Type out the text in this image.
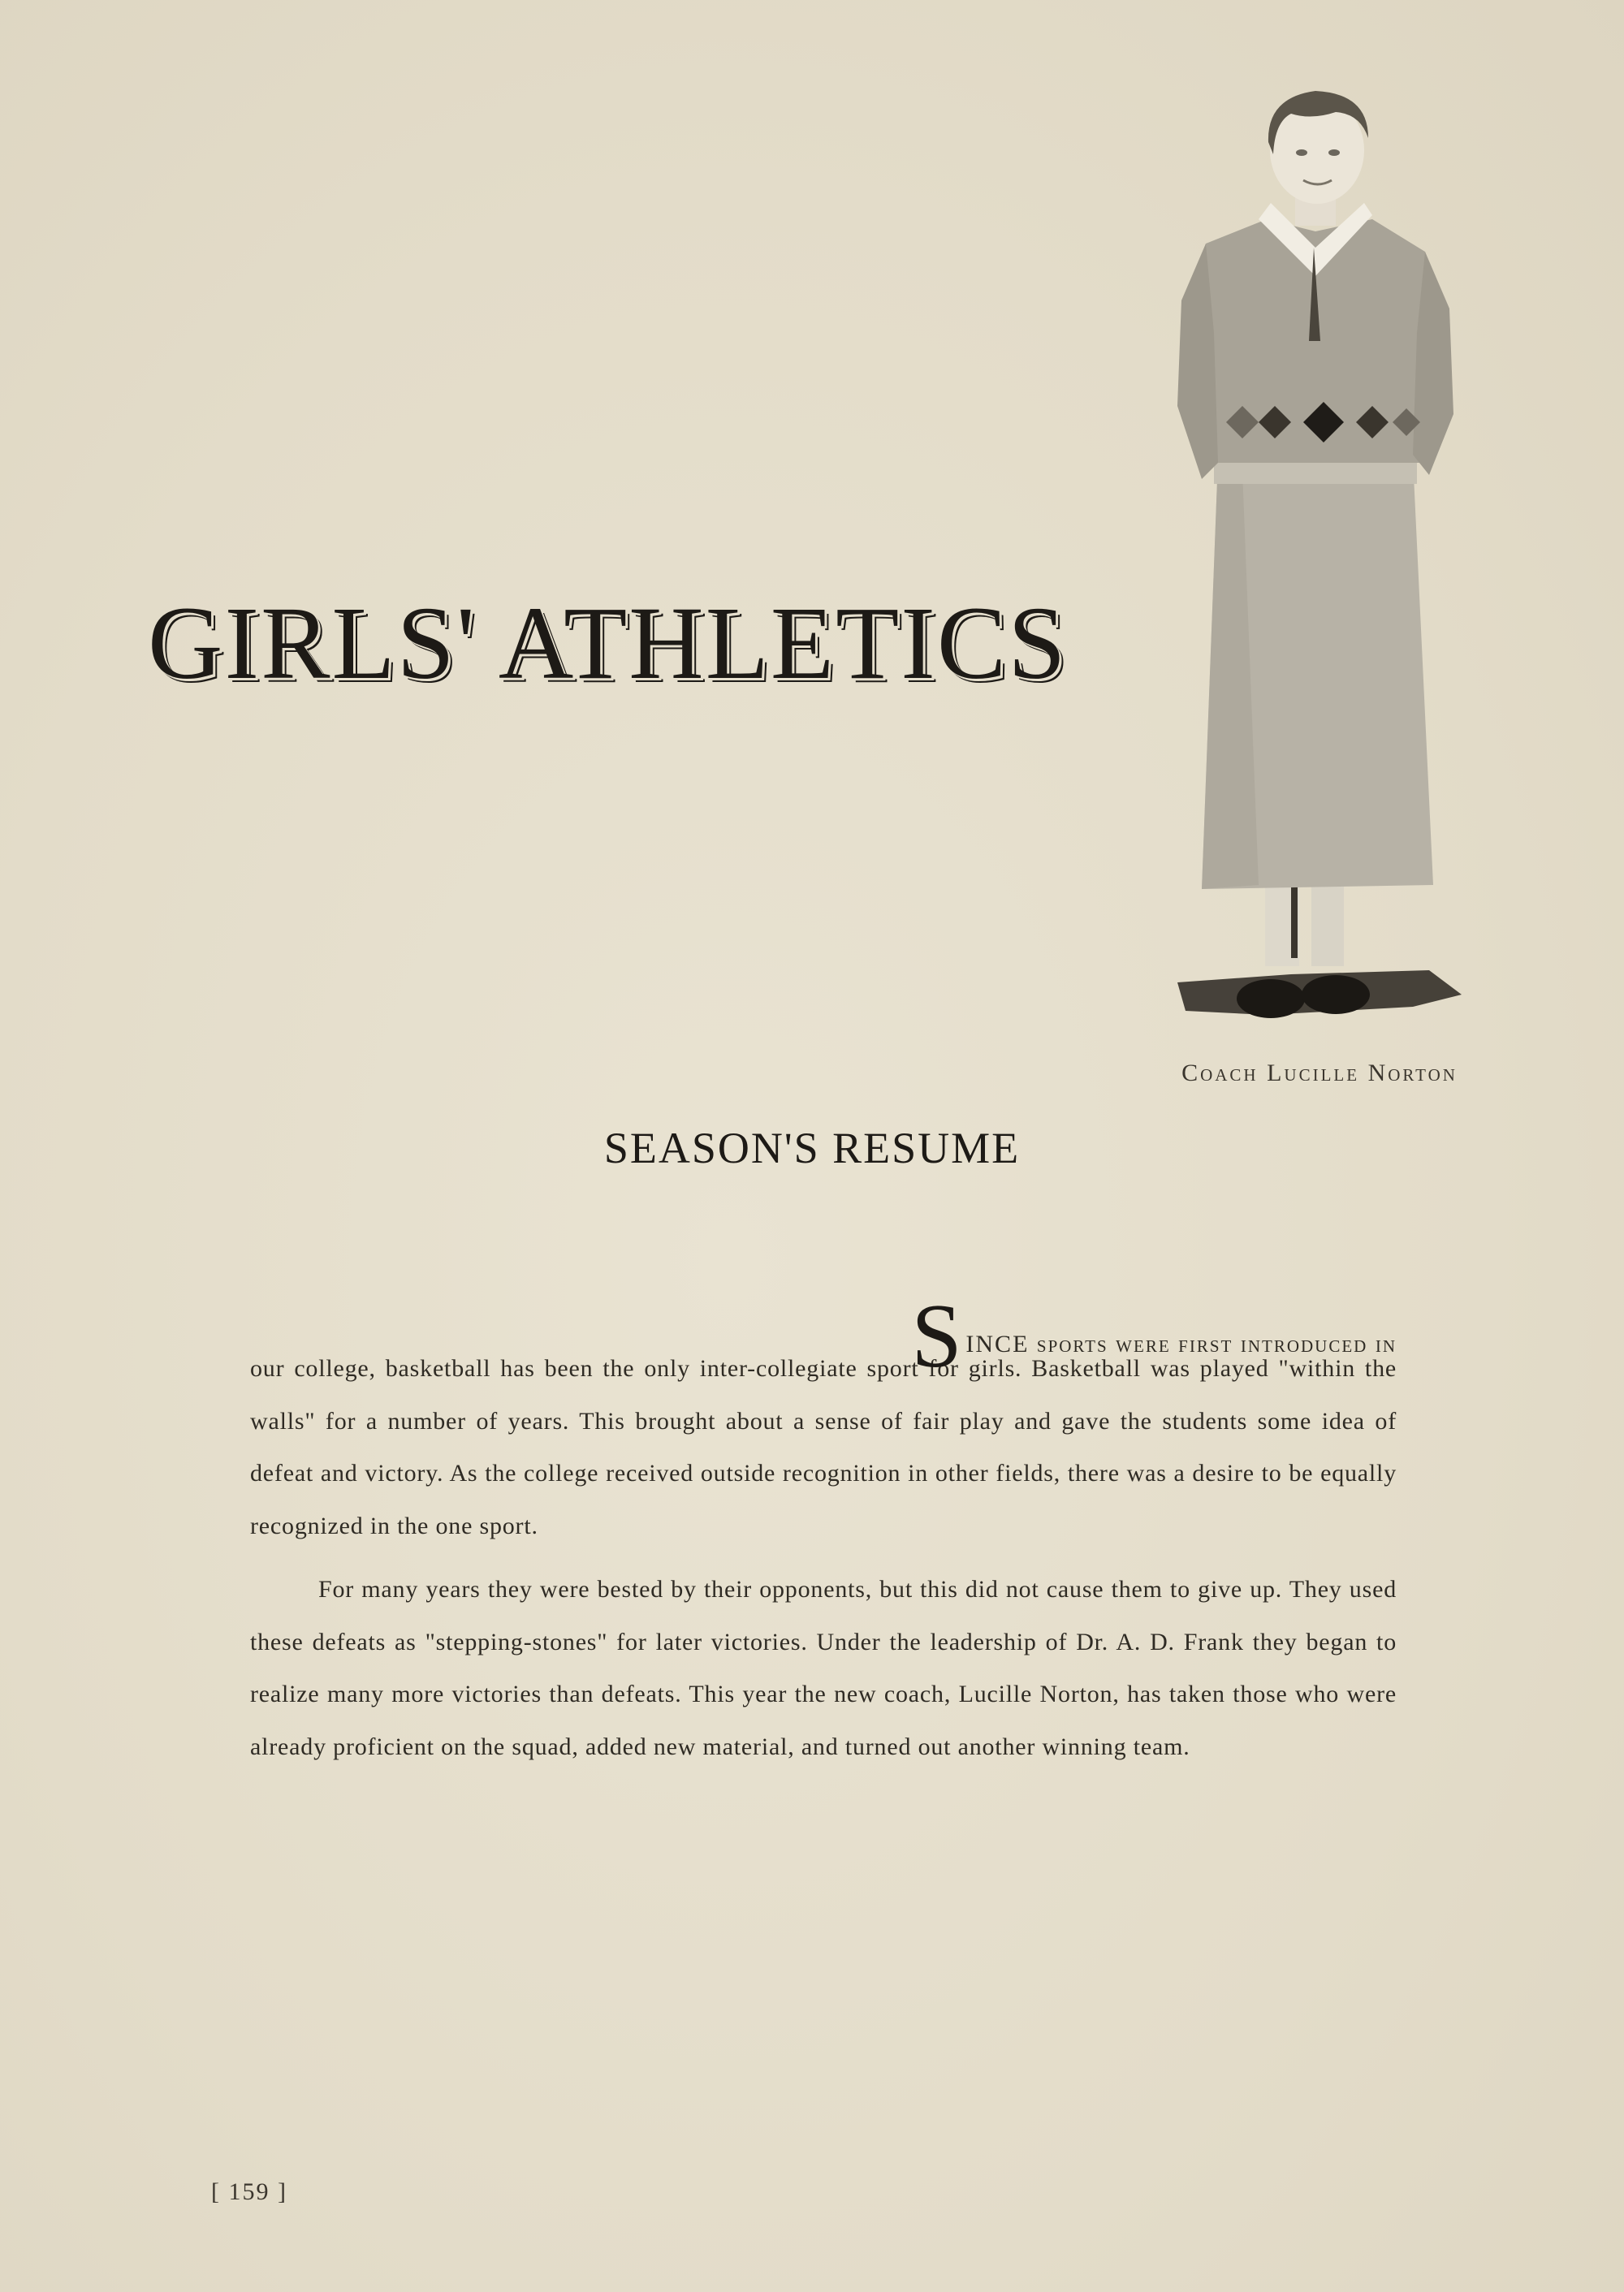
GIRLS' ATHLETICS
Coach Lucille Norton
SEASON'S RESUME

SINCE sports were first introduced in
our college, basketball has been the only inter-collegiate sport for girls. Basketball was played "within the walls" for a number of years. This brought about a sense of fair play and gave the students some idea of defeat and victory. As the college received outside recognition in other fields, there was a desire to be equally recognized in the one sport.

For many years they were bested by their opponents, but this did not cause them to give up. They used these defeats as "stepping-stones" for later victories. Under the leadership of Dr. A. D. Frank they began to realize many more victories than defeats. This year the new coach, Lucille Norton, has taken those who were already proficient on the squad, added new material, and turned out another winning team.

[ 159 ]
